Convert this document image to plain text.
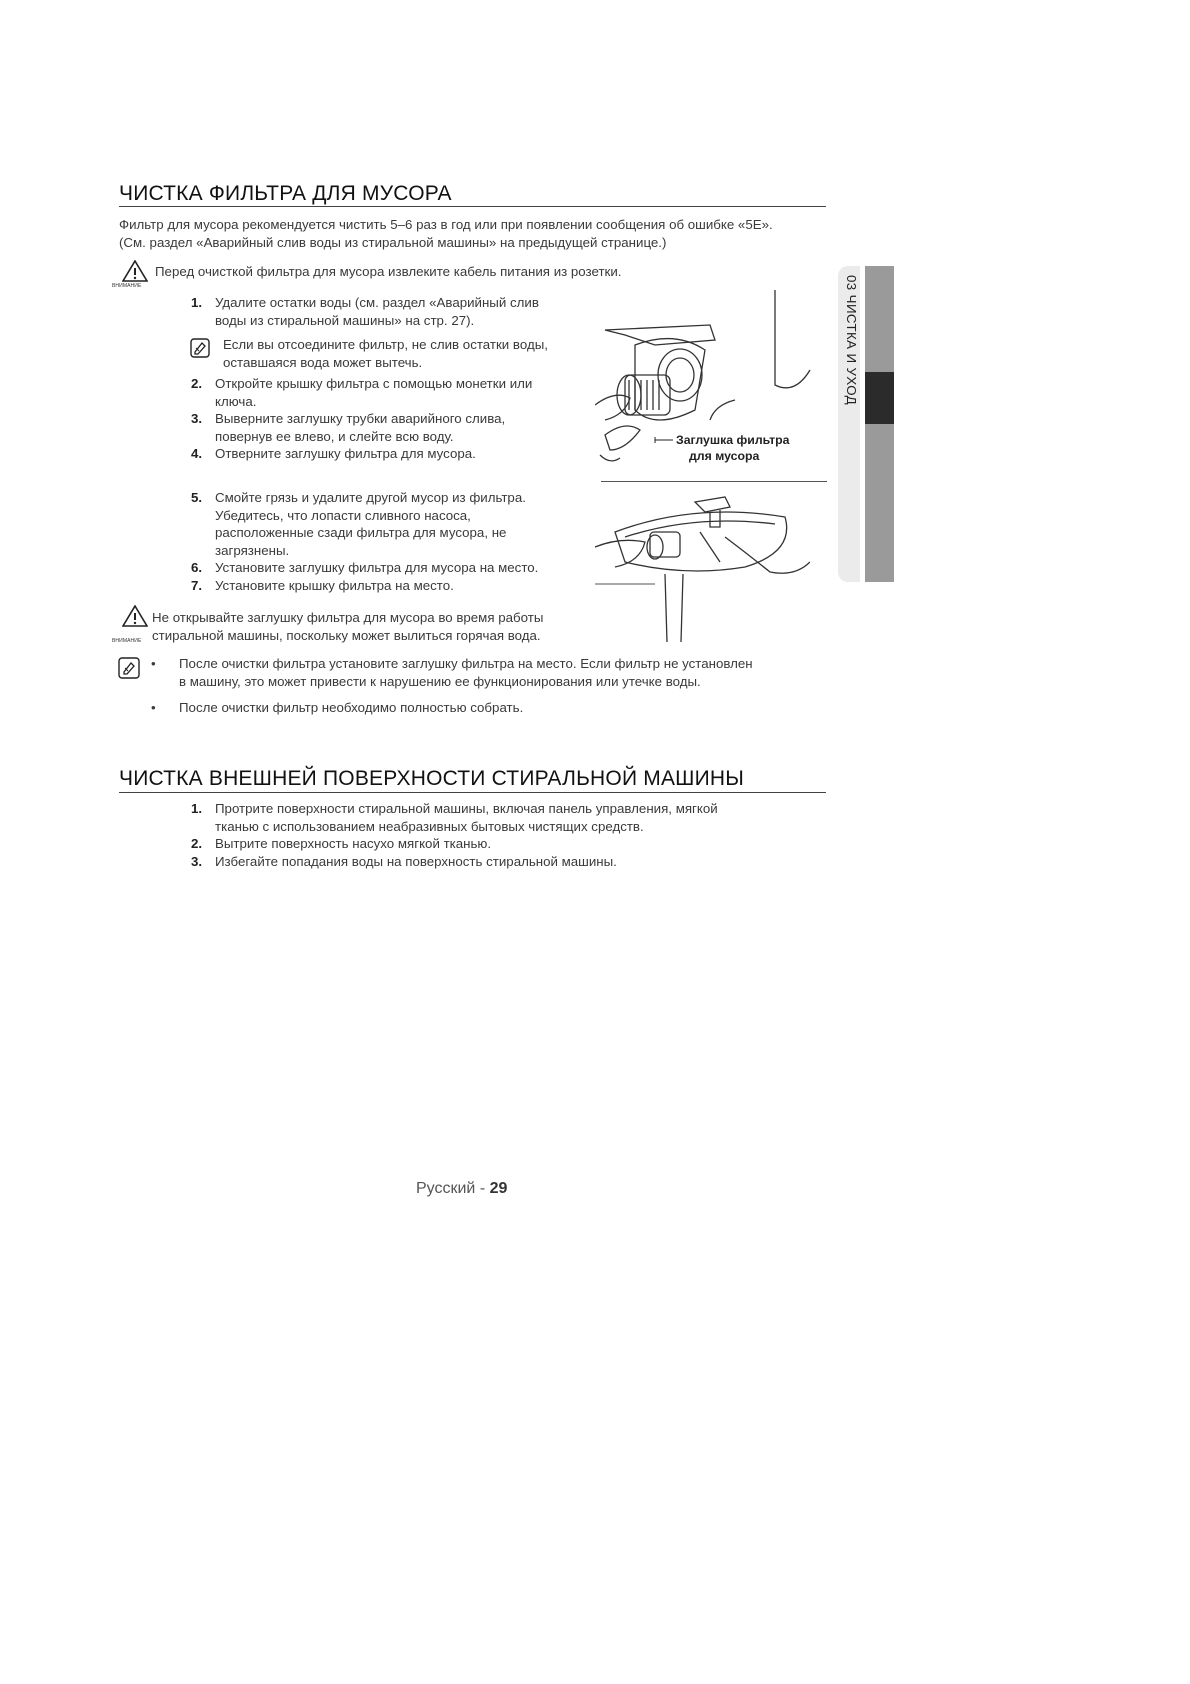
ЧИСТКА ФИЛЬТРА ДЛЯ МУСОРА
Фильтр для мусора рекомендуется чистить 5–6 раз в год или при появлении сообщения об ошибке «5E».
(См. раздел «Аварийный слив воды из стиральной машины» на предыдущей странице.)
ВНИМАНИЕ
Перед очисткой фильтра для мусора извлеките кабель питания из розетки.
1. Удалите остатки воды (см. раздел «Аварийный слив
воды из стиральной машины» на стр. 27).
Если вы отсоедините фильтр, не слив остатки воды,
оставшаяся вода может вытечь.
2. Откройте крышку фильтра с помощью монетки или
ключа.
3. Выверните заглушку трубки аварийного слива,
повернув ее влево, и слейте всю воду.
4. Отверните заглушку фильтра для мусора.
Заглушка фильтра
для мусора
5. Смойте грязь и удалите другой мусор из фильтра.
Убедитесь, что лопасти сливного насоса,
расположенные сзади фильтра для мусора, не
загрязнены.
6. Установите заглушку фильтра для мусора на место.
7. Установите крышку фильтра на место.
ВНИМАНИЕ
Не открывайте заглушку фильтра для мусора во время работы
стиральной машины, поскольку может вылиться горячая вода.
• После очистки фильтра установите заглушку фильтра на место. Если фильтр не установлен
в машину, это может привести к нарушению ее функционирования или утечке воды.
• После очистки фильтр необходимо полностью собрать.
ЧИСТКА ВНЕШНЕЙ ПОВЕРХНОСТИ СТИРАЛЬНОЙ МАШИНЫ
1. Протрите поверхности стиральной машины, включая панель управления, мягкой
тканью с использованием неабразивных бытовых чистящих средств.
2. Вытрите поверхность насухо мягкой тканью.
3. Избегайте попадания воды на поверхность стиральной машины.
03 ЧИСТКА И УХОД
Русский - 29
